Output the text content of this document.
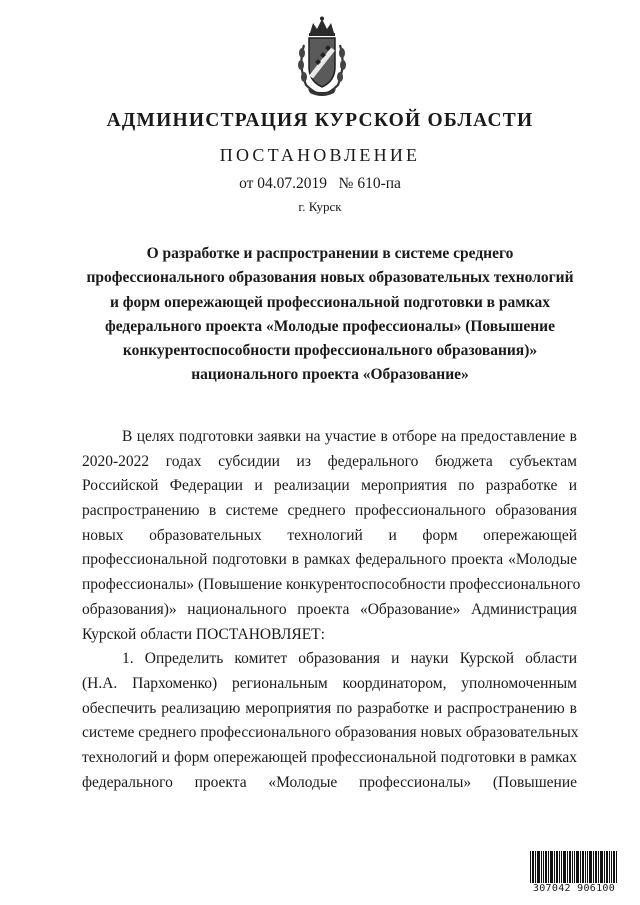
АДМИНИСТРАЦИЯ КУРСКОЙ ОБЛАСТИ
ПОСТАНОВЛЕНИЕ
от 04.07.2019 № 610-па
г. Курск
О разработке и распространении в системе среднего
профессионального образования новых образовательных технологий
и форм опережающей профессиональной подготовки в рамках
федерального проекта «Молодые профессионалы» (Повышение
конкурентоспособности профессионального образования)»
национального проекта «Образование»
В целях подготовки заявки на участие в отборе на предоставление в
2020-2022 годах субсидии из федерального бюджета субъектам
Российской Федерации и реализации мероприятия по разработке и
распространению в системе среднего профессионального образования
новых образовательных технологий и форм опережающей
профессиональной подготовки в рамках федерального проекта «Молодые
профессионалы» (Повышение конкурентоспособности профессионального
образования)» национального проекта «Образование» Администрация
Курской области ПОСТАНОВЛЯЕТ:
1. Определить комитет образования и науки Курской области
(Н.А. Пархоменко) региональным координатором, уполномоченным
обеспечить реализацию мероприятия по разработке и распространению в
системе среднего профессионального образования новых образовательных
технологий и форм опережающей профессиональной подготовки в рамках
федерального проекта «Молодые профессионалы» (Повышение
307042 906100
